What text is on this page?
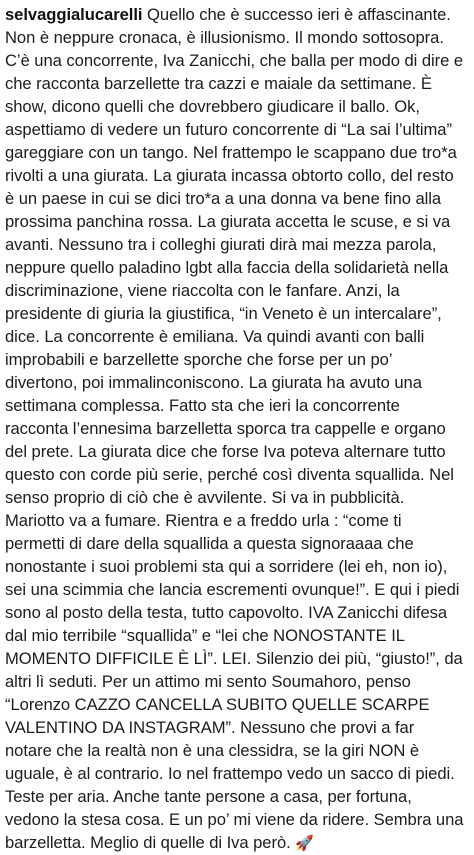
selvaggialucarelli Quello che è successo ieri è affascinante. Non è neppure cronaca, è illusionismo. Il mondo sottosopra. C’è una concorrente, Iva Zanicchi, che balla per modo di dire e che racconta barzellette tra cazzi e maiale da settimane. È show, dicono quelli che dovrebbero giudicare il ballo. Ok, aspettiamo di vedere un futuro concorrente di “La sai l’ultima” gareggiare con un tango. Nel frattempo le scappano due tro*a rivolti a una giurata. La giurata incassa obtorto collo, del resto è un paese in cui se dici tro*a a una donna va bene fino alla prossima panchina rossa. La giurata accetta le scuse, e si va avanti. Nessuno tra i colleghi giurati dirà mai mezza parola, neppure quello paladino lgbt alla faccia della solidarietà nella discriminazione, viene riaccolta con le fanfare. Anzi, la presidente di giuria la giustifica, “in Veneto è un intercalare”, dice. La concorrente è emiliana. Va quindi avanti con balli improbabili e barzellette sporche che forse per un po’ divertono, poi immalinconiscono. La giurata ha avuto una settimana complessa. Fatto sta che ieri la concorrente racconta l’ennesima barzelletta sporca tra cappelle e organo del prete. La giurata dice che forse Iva poteva alternare tutto questo con corde più serie, perché così diventa squallida. Nel senso proprio di ciò che è avvilente. Si va in pubblicità. Mariotto va a fumare. Rientra e a freddo urla : “come ti permetti di dare della squallida a questa signoraaaa che nonostante i suoi problemi sta qui a sorridere (lei eh, non io), sei una scimmia che lancia escrementi ovunque!”. E qui i piedi sono al posto della testa, tutto capovolto. IVA Zanicchi difesa dal mio terribile “squallida” e “lei che NONOSTANTE IL MOMENTO DIFFICILE È LÌ”. LEI. Silenzio dei più, “giusto!”, da altri lì seduti. Per un attimo mi sento Soumahoro, penso “Lorenzo CAZZO CANCELLA SUBITO QUELLE SCARPE VALENTINO DA INSTAGRAM”. Nessuno che provi a far notare che la realtà non è una clessidra, se la giri NON è uguale, è al contrario. Io nel frattempo vedo un sacco di piedi. Teste per aria. Anche tante persone a casa, per fortuna, vedono la stesa cosa. E un po’ mi viene da ridere. Sembra una barzelletta. Meglio di quelle di Iva però. 🚀
